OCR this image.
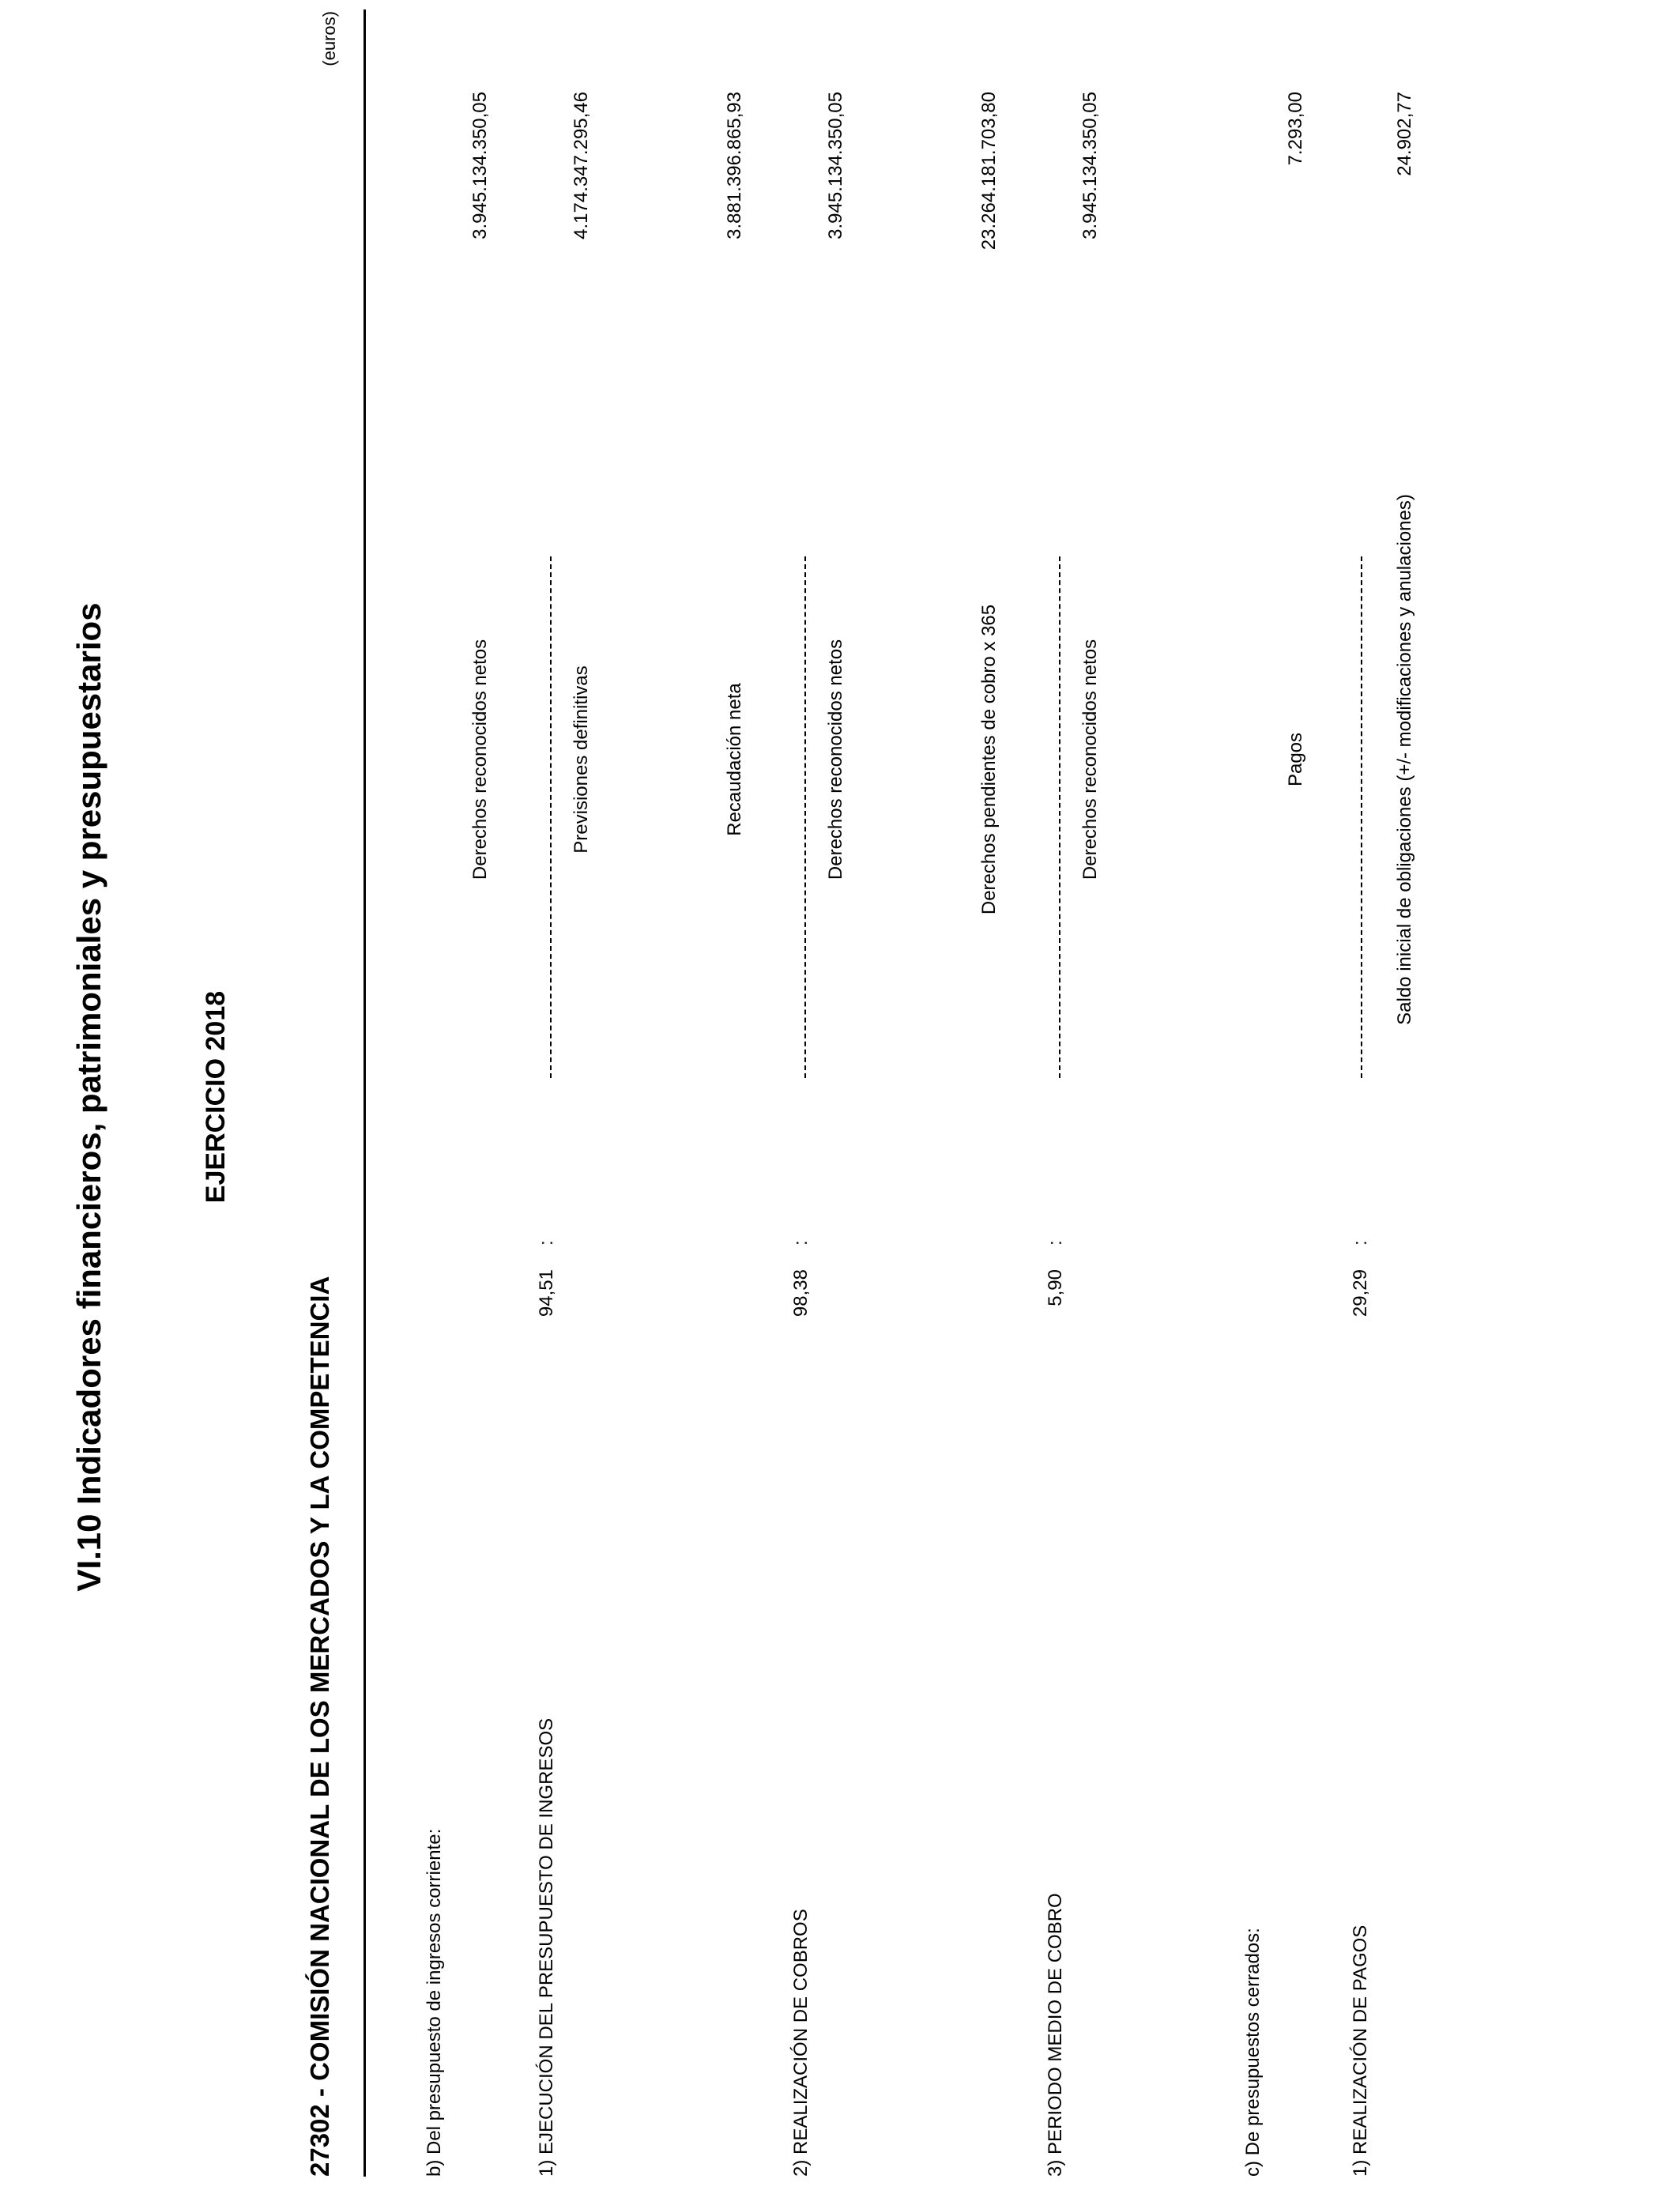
VI.10 Indicadores financieros, patrimoniales y presupuestarios	EJERCICIO 2018
27302 - COMISIÓN NACIONAL DE LOS MERCADOS Y LA COMPETENCIA
(euros)
b) Del presupuesto de ingresos corriente:	1) EJECUCIÓN DEL PRESUPUESTO DE INGRESOS
94,51
:
Derechos reconocidos netos	Previsiones definitivas
3.945.134.350,05	4.174.347.295,46
2) REALIZACIÓN DE COBROS
98,38
:
Recaudación neta	Derechos reconocidos netos
3.881.396.865,93	3.945.134.350,05
3) PERIODO MEDIO DE COBRO
5,90
:
Derechos pendientes de cobro x 365	Derechos reconocidos netos
23.264.181.703,80	3.945.134.350,05
c) De presupuestos cerrados:	1) REALIZACIÓN DE PAGOS
29,29
:
Pagos	Saldo inicial de obligaciones (+/- modificaciones y anulaciones)
7.293,00	24.902,77
